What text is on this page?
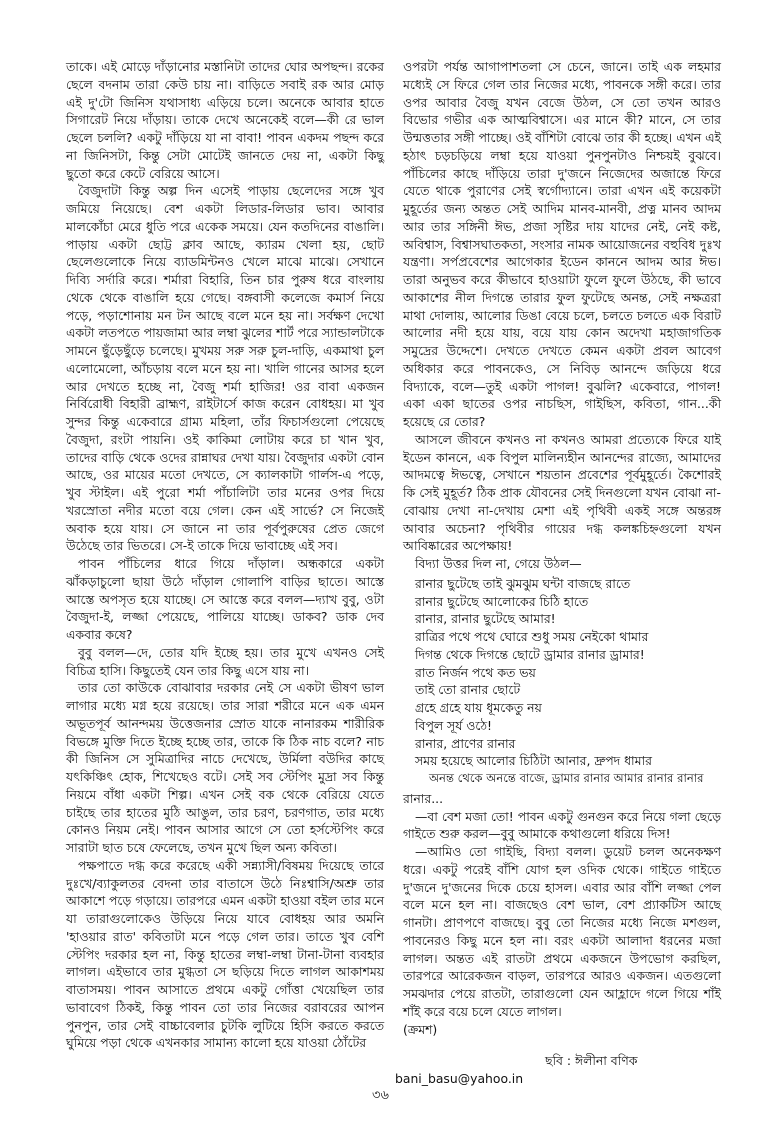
তাকে। এই মোড়ে দাঁড়ানোর মস্তানিটা তাদের ঘোর অপছন্দ। রকের ছেলে বদনাম তারা কেউ চায় না। বাড়িতে সবাই রক আর মোড় এই দু'টো জিনিস যথাসাধ্য এড়িয়ে চলে। অনেকে আবার হাতে সিগারেট নিয়ে দাঁড়ায়। তাকে দেখে অনেকেই বলে—কী রে ভাল ছেলে চললি? একটু দাঁড়িয়ে যা না বাবা! পাবন একদম পছন্দ করে না জিনিসটা, কিন্তু সেটা মোটেই জানতে দেয় না, একটা কিছু ছুতো করে কেটে বেরিয়ে আসে।

বৈজুদাটা কিন্তু অল্প দিন এসেই পাড়ায় ছেলেদের সঙ্গে খুব জমিয়ে নিয়েছে। বেশ একটা লিডার-লিডার ভাব। আবার মালকোঁচা মেরে ধুতি পরে একেক সময়ে। যেন কতদিনের বাঙালি। পাড়ায় একটা ছোট্ট ক্লাব আছে, ক্যারম খেলা হয়, ছোট ছেলেগুলোকে নিয়ে ব্যাডমিন্টনও খেলে মাঝে মাঝে। সেখানে দিব্যি সর্দারি করে। শর্মারা বিহারি, তিন চার পুরুষ ধরে বাংলায় থেকে থেকে বাঙালি হয়ে গেছে। বঙ্গবাসী কলেজে কমার্স নিয়ে পড়ে, পড়াশোনায় মন টন আছে বলে মনে হয় না। সর্বক্ষণ দেখো একটা লতপতে পায়জামা আর লম্বা ঝুলের শার্ট পরে স্যান্ডালটাকে সামনে ছুঁড়েছুঁড়ে চলেছে। মুখময় সরু সরু চুল-দাড়ি, একমাথা চুল এলোমেলো, আঁচড়ায় বলে মনে হয় না। খালি গানের আসর হলে আর দেখতে হচ্ছে না, বৈজু শর্মা হাজির! ওর বাবা একজন নির্বিরোধী বিহারী ব্রাহ্মণ, রাইটার্সে কাজ করেন বোধহয়। মা খুব সুন্দর কিন্তু একেবারে গ্রাম্য মহিলা, তাঁর ফিচার্সগুলো পেয়েছে বৈজুদা, রংটা পায়নি। ওই কাকিমা লোটায় করে চা খান খুব, তাদের বাড়ি থেকে ওদের রান্নাঘর দেখা যায়। বৈজুদার একটা বোন আছে, ওর মায়ের মতো দেখতে, সে ক্যালকাটা গার্লস-এ পড়ে, খুব স্টাইল। এই পুরো শর্মা পাঁচালিটা তার মনের ওপর দিয়ে খরস্রোতা নদীর মতো বয়ে গেল। কেন এই সার্ভে? সে নিজেই অবাক হয়ে যায়। সে জানে না তার পূর্বপুরুষের প্রেত জেগে উঠেছে তার ভিতরে। সে-ই তাকে দিয়ে ভাবাচ্ছে এই সব।

পাবন পাঁচিলের ধারে গিয়ে দাঁড়াল। অন্ধকারে একটা ঝাঁকড়াচুলো ছায়া উঠে দাঁড়াল গোলাপি বাড়ির ছাতে। আস্তে আস্তে অপসৃত হয়ে যাচ্ছে। সে আস্তে করে বলল—দ্যাখ বুবু, ওটা বৈজুদা-ই, লজ্জা পেয়েছে, পালিয়ে যাচ্ছে। ডাকব? ডাক দেব একবার কষে?

বুবু বলল—দে, তোর যদি ইচ্ছে হয়। তার মুখে এখনও সেই বিচিত্র হাসি। কিছুতেই যেন তার কিছু এসে যায় না।

তার তো কাউকে বোঝাবার দরকার নেই সে একটা ভীষণ ভাল লাগার মধ্যে মগ্ন হয়ে রয়েছে। তার সারা শরীরে মনে এক এমন অভূতপূর্ব আনন্দময় উত্তেজনার স্রোত যাকে নানারকম শারীরিক বিভঙ্গে মুক্তি দিতে ইচ্ছে হচ্ছে তার, তাকে কি ঠিক নাচ বলে? নাচ কী জিনিস সে সুমিত্রাদির নাচে দেখেছে, উর্মিলা বউদির কাছে যৎকিঞ্চিৎ হোক, শিখেছেও বটে। সেই সব স্টেপিং মুদ্রা সব কিন্তু নিয়মে বাঁধা একটা শিল্প। এখন সেই বক থেকে বেরিয়ে যেতে চাইছে তার হাতের মুঠি আঙুল, তার চরণ, চরণগাত, তার মধ্যে কোনও নিয়ম নেই। পাবন আসার আগে সে তো হর্সস্টেপিং করে সারাটা ছাত চষে ফেলেছে, তখন মুখে ছিল অন্য কবিতা।

পক্ষপাতে দগ্ধ করে করেছে একী সন্ন্যাসী/বিষময় দিয়েছে তারে দুঃখে/ব্যাকুলতর বেদনা তার বাতাসে উঠে নিঃশ্বাসি/অশ্রু তার আকাশে পড়ে গড়ায়ে। তারপরে এমন একটা হাওয়া বইল তার মনে যা তারাগুলোকেও উড়িয়ে নিয়ে যাবে বোধহয় আর অমনি 'হাওয়ার রাত' কবিতাটা মনে পড়ে গেল তার। তাতে খুব বেশি স্টেপিং দরকার হল না, কিন্তু হাতের লম্বা-লম্বা টানা-টানা ব্যবহার লাগল। এইভাবে তার মুগ্ধতা সে ছড়িয়ে দিতে লাগল আকাশময় বাতাসময়। পাবন আসাতে প্রথমে একটু গোঁত্তা খেয়েছিল তার ভাবাবেগ ঠিকই, কিন্তু পাবন তো তার নিজের বরাবরের আপন পুনপুন, তার সেই বাচ্চাবেলার চুটকি লুটিয়ে হিসি করতে করতে ঘুমিয়ে পড়া থেকে এখনকার সামান্য কালো হয়ে যাওয়া ঠোঁটের

ওপরটা পর্যন্ত আগাপাশতলা সে চেনে, জানে। তাই এক লহমার মধ্যেই সে ফিরে গেল তার নিজের মধ্যে, পাবনকে সঙ্গী করে। তার ওপর আবার বৈজু যখন বেজে উঠল, সে তো তখন আরও বিভোর গভীর এক আত্মবিশ্বাসে। এর মানে কী? মানে, সে তার উন্মত্ততার সঙ্গী পাচ্ছে। ওই বাঁশিটা বোঝে তার কী হচ্ছে। এখন এই হঠাৎ চড়চড়িয়ে লম্বা হয়ে যাওয়া পুনপুনটাও নিশ্চয়ই বুঝবে। পাঁচিলের কাছে দাঁড়িয়ে তারা দু'জনে নিজেদের অজান্তে ফিরে যেতে থাকে পুরাণের সেই স্বর্গোদ্যানে। তারা এখন এই কয়েকটা মুহূর্তের জন্য অন্তত সেই আদিম মানব-মানবী, প্রত্ন মানব আদম আর তার সঙ্গিনী ঈভ, প্রজা সৃষ্টির দায় যাদের নেই, নেই কষ্ট, অবিশ্বাস, বিশ্বাসঘাতকতা, সংসার নামক আয়োজনের বহুবিধ দুঃখ যন্ত্রণা। সর্পপ্রবেশের আগেকার ইডেন কাননে আদম আর ঈভ। তারা অনুভব করে কীভাবে হাওয়াটা ফুলে ফুলে উঠছে, কী ভাবে আকাশের নীল দিগন্তে তারার ফুল ফুটেছে অনন্ত, সেই নক্ষত্ররা মাথা দোলায়, আলোর ডিঙা বেয়ে চলে, চলতে চলতে এক বিরাট আলোর নদী হয়ে যায়, বয়ে যায় কোন অদেখা মহাজাগতিক সমুদ্রের উদ্দেশে। দেখতে দেখতে কেমন একটা প্রবল আবেগ অধিকার করে পাবনকেও, সে নিবিড় আনন্দে জড়িয়ে ধরে বিদ্যাকে, বলে—তুই একটা পাগল! বুঝলি? একেবারে, পাগল! একা একা ছাতের ওপর নাচছিস, গাইছিস, কবিতা, গান...কী হয়েছে রে তোর?

আসলে জীবনে কখনও না কখনও আমরা প্রত্যেকে ফিরে যাই ইডেন কাননে, এক বিপুল মালিন্যহীন আনন্দের রাজ্যে, আমাদের আদমত্বে ঈভত্বে, সেখানে শয়তান প্রবেশের পূর্বমুহূর্তে। কৈশোরই কি সেই মুহূর্ত? ঠিক প্রাক যৌবনের সেই দিনগুলো যখন বোঝা না-বোঝায় দেখা না-দেখায় মেশা এই পৃথিবী একই সঙ্গে অন্তরঙ্গ আবার অচেনা? পৃথিবীর গায়ের দগ্ধ কলঙ্কচিহ্নগুলো যখন আবিষ্কারের অপেক্ষায়!

বিদ্যা উত্তর দিল না, গেয়ে উঠল—

রানার ছুটেছে তাই ঝুমঝুম ঘন্টা বাজছে রাতে
রানার ছুটেছে আলোকের চিঠি হাতে
রানার, রানার ছুটেছে আমার!
রাত্রির পথে পথে ঘোরে শুধু সময় নেইকো থামার
দিগন্ত থেকে দিগন্তে ছোটে ড্রামার রানার ড্রামার!
রাত নির্জন পথে কত ভয়
তাই তো রানার ছোটে
গ্রহে গ্রহে যায় ধূমকেতু নয়
বিপুল সূর্য ওঠে!
রানার, প্রাণের রানার
সময় হয়েছে আলোর চিঠিটা আনার, দ্রুপদ ধামার
অনন্ত থেকে অনন্তে বাজে, ড্রামার রানার আমার রানার রানার

রানার...

—বা বেশ মজা তো! পাবন একটু গুনগুন করে নিয়ে গলা ছেড়ে গাইতে শুরু করল—বুবু আমাকে কথাগুলো ধরিয়ে দিস!

—আমিও তো গাইছি, বিদ্যা বলল। ডুয়েট চলল অনেকক্ষণ ধরে। একটু পরেই বাঁশি যোগ হল ওদিক থেকে। গাইতে গাইতে দু'জনে দু'জনের দিকে চেয়ে হাসল। এবার আর বাঁশি লজ্জা পেল বলে মনে হল না। বাজছেও বেশ ভাল, বেশ প্র্যাকটিস আছে গানটা। প্রাণপণে বাজছে। বুবু তো নিজের মধ্যে নিজে মশগুল, পাবনেরও কিছু মনে হল না। বরং একটা আলাদা ধরনের মজা লাগল। অন্তত এই রাতটা প্রথমে একজনে উপভোগ করছিল, তারপরে আরেকজন বাড়ল, তারপরে আরও একজন। এতগুলো সমঝদার পেয়ে রাতটা, তারাগুলো যেন আহ্লাদে গলে গিয়ে শাঁই শাঁই করে বয়ে চলে যেতে লাগল।

(ক্রমশ)

ছবি : ঈলীনা বণিক
bani_basu@yahoo.in
৩৬
